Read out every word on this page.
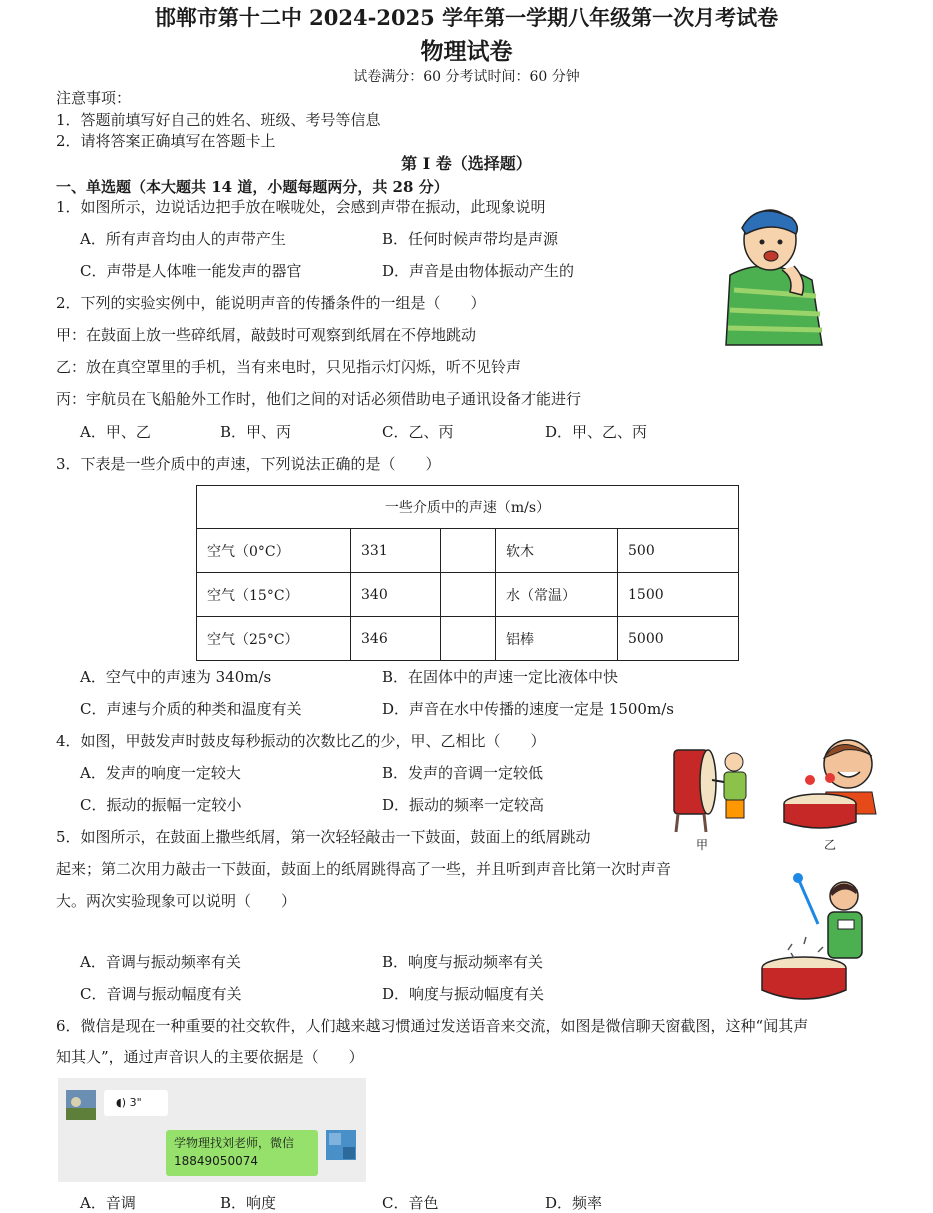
邯郸市第十二中 2024-2025 学年第一学期八年级第一次月考试卷
物理试卷
试卷满分：60 分考试时间：60 分钟
注意事项：
1．答题前填写好自己的姓名、班级、考号等信息
2．请将答案正确填写在答题卡上
第 I 卷（选择题）
一、单选题（本大题共 14 道，小题每题两分，共 28 分）
1．如图所示，边说话边把手放在喉咙处，会感到声带在振动，此现象说明
A．所有声音均由人的声带产生	B．任何时候声带均是声源
C．声带是人体唯一能发声的器官	D．声音是由物体振动产生的
2．下列的实验实例中，能说明声音的传播条件的一组是（　　）
甲：在鼓面上放一些碎纸屑，敲鼓时可观察到纸屑在不停地跳动
乙：放在真空罩里的手机，当有来电时，只见指示灯闪烁，听不见铃声
丙：宇航员在飞船舱外工作时，他们之间的对话必须借助电子通讯设备才能进行
A．甲、乙	B．甲、丙	C．乙、丙	D．甲、乙、丙
3．下表是一些介质中的声速，下列说法正确的是（　　）
一些介质中的声速（m/s）				
空气（0°C）	331		软木	500
空气（15°C）	340		水（常温）	1500
空气（25°C）	346		铝棒	5000
A．空气中的声速为 340m/s	B．在固体中的声速一定比液体中快
C．声速与介质的种类和温度有关	D．声音在水中传播的速度一定是 1500m/s
4．如图，甲鼓发声时鼓皮每秒振动的次数比乙的少，甲、乙相比（　　）
A．发声的响度一定较大	B．发声的音调一定较低
C．振动的振幅一定较小	D．振动的频率一定较高
甲	乙
5．如图所示，在鼓面上撒些纸屑，第一次轻轻敲击一下鼓面，鼓面上的纸屑跳动
起来；第二次用力敲击一下鼓面，鼓面上的纸屑跳得高了一些，并且听到声音比第一次时声音
大。两次实验现象可以说明（　　）
A．音调与振动频率有关	B．响度与振动频率有关
C．音调与振动幅度有关	D．响度与振动幅度有关
6．微信是现在一种重要的社交软件，人们越来越习惯通过发送语音来交流，如图是微信聊天窗截图，这种“闻其声
知其人”，通过声音识人的主要依据是（　　）
◖) 3"
学物理找刘老师，微信
18849050074
A．音调	B．响度	C．音色	D．频率
